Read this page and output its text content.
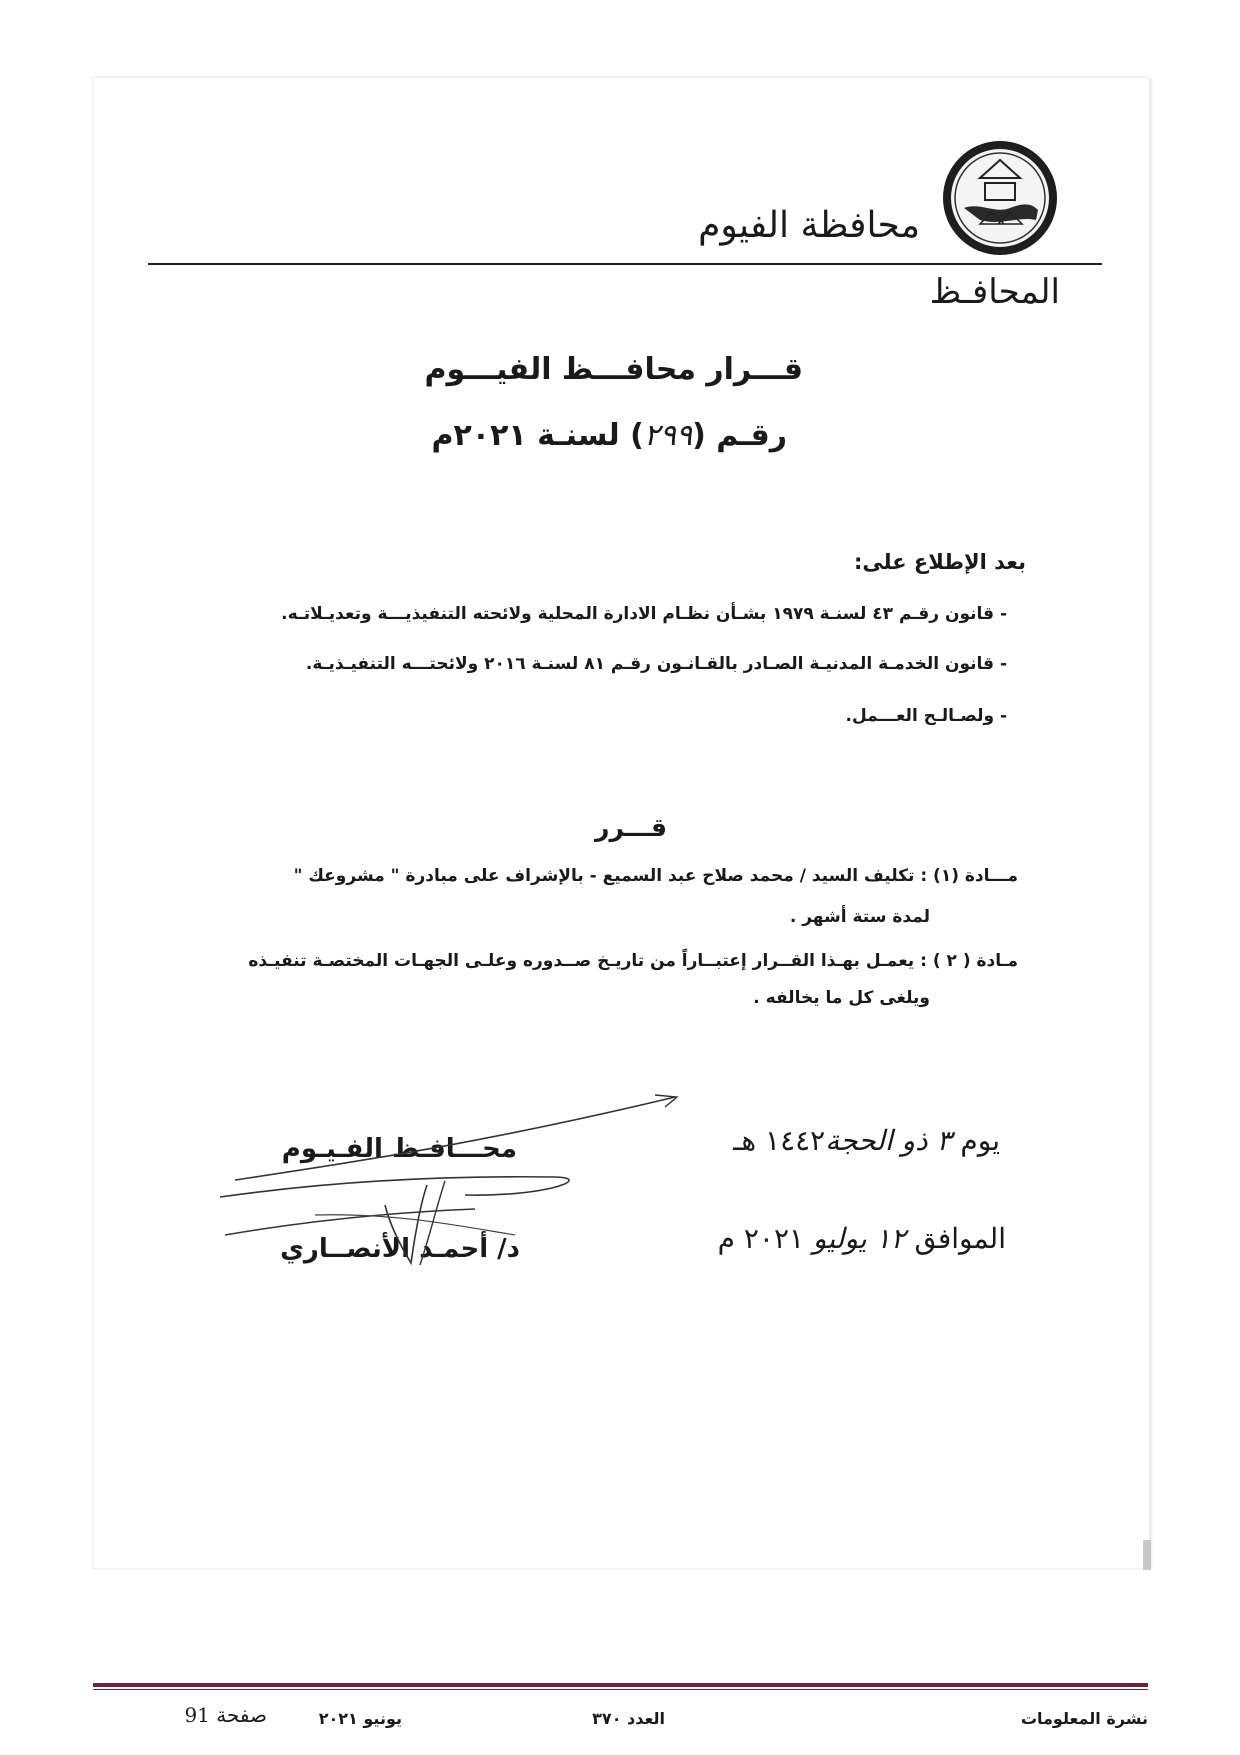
محافظة الفيوم
المحافـظ
قـــرار محافـــظ الفيـــوم
رقـم (٢٩٩) لسنـة ٢٠٢١م
بعد الإطلاع على:
- قانون رقـم ٤٣ لسنـة ١٩٧٩ بشـأن نظـام الادارة المحلية ولائحته التنفيذيـــة وتعديـلاتـه.
- قانون الخدمـة المدنيـة الصـادر بالقـانـون رقـم ٨١ لسنـة ٢٠١٦ ولائحتـــه التنفيـذيـة.
- ولصـالـح العـــمل.
قـــرر
مـــادة (١) : تكليف السيد / محمد صلاح عبد السميع - بالإشراف على مبادرة " مشروعك "
لمدة ستة أشهر .
مـادة ( ٢ ) : يعمـل بهـذا القــرار إعتبــاراً من تاريـخ صــدوره وعلـى الجهـات المختصـة تنفيـذه
ويلغى كل ما يخالفه .
يوم ٣ ذو الحجة١٤٤٢ هـ
الموافق ١٢ يوليو ٢٠٢١ م
محـــافـظ الفـيـوم
د/ أحمـد الأنصــاري
نشرة المعلومات
العدد ٣٧٠
يونيو ٢٠٢١
صفحة 91
